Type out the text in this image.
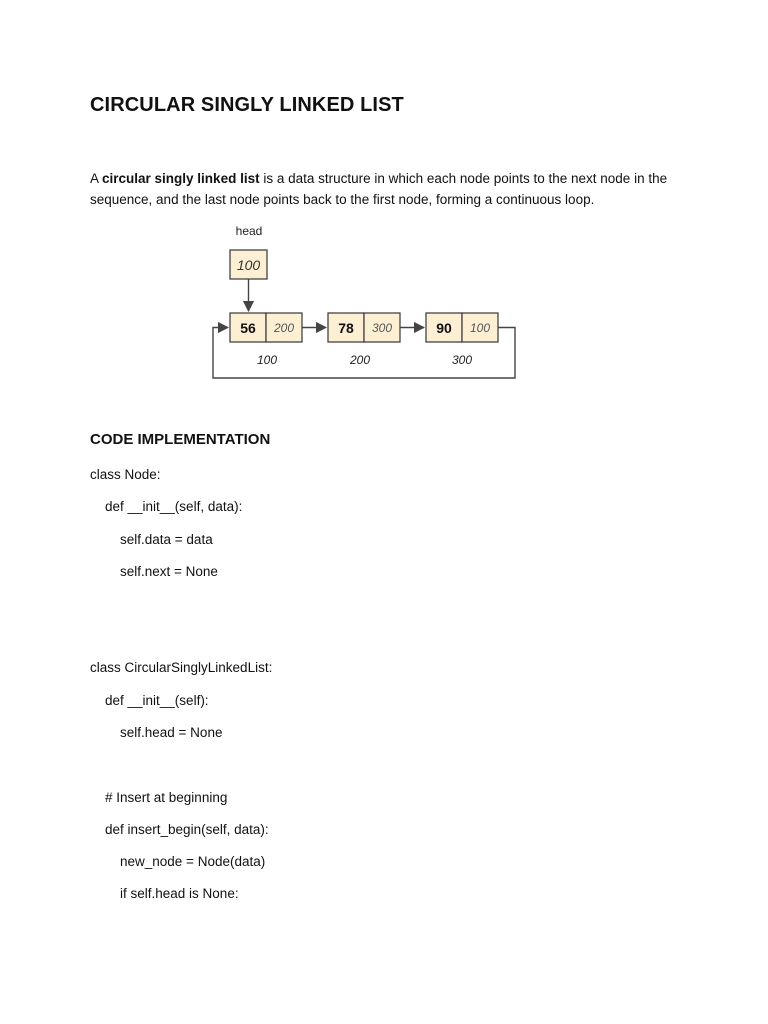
CIRCULAR SINGLY LINKED LIST

A circular singly linked list is a data structure in which each node points to the next node in the sequence, and the last node points back to the first node, forming a continuous loop.

head
100
56 200
100
78 300
200
90 100
300
CODE IMPLEMENTATION
class Node:
def __init__(self, data):
self.data = data
self.next = None
class CircularSinglyLinkedList:
def __init__(self):
self.head = None
# Insert at beginning
def insert_begin(self, data):
new_node = Node(data)
if self.head is None:
